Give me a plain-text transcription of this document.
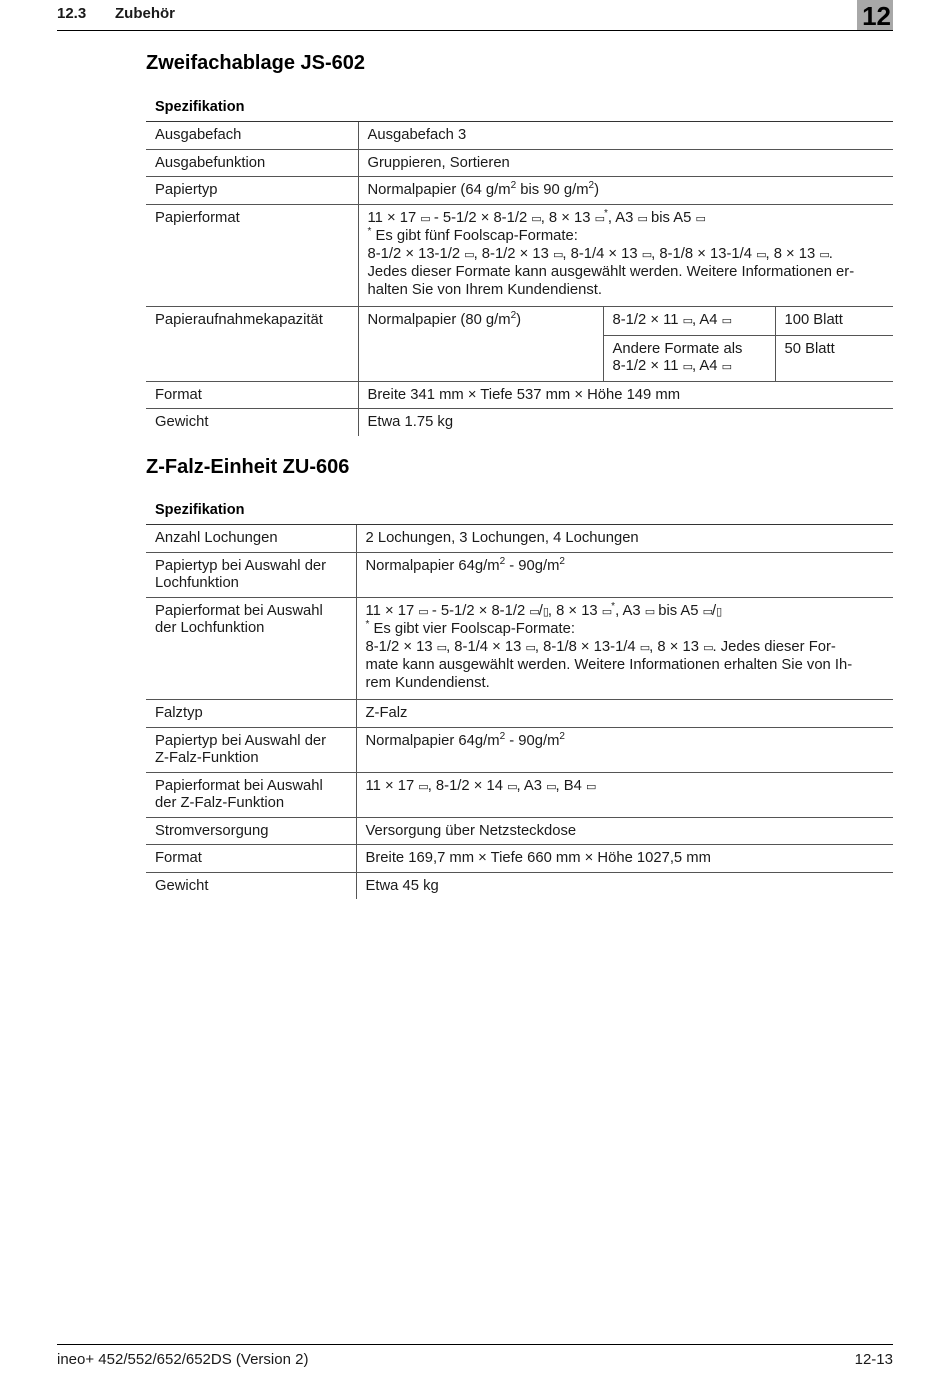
12.3 Zubehör	12
Zweifachablage JS-602
Spezifikation
Ausgabefach	Ausgabefach 3		
Ausgabefunktion	Gruppieren, Sortieren		
Papiertyp	Normalpapier (64 $g/m^2$ bis 90 $g/m^2$)		
Papierformat	11 × 17 ▭ - 5-1/2 × 8-1/2 ▭, 8 × 13 ▭*, A3 ▭ bis A5 ▭
* Es gibt fünf Foolscap-Formate:
8-1/2 × 13-1/2 ▭, 8-1/2 × 13 ▭, 8-1/4 × 13 ▭, 8-1/8 × 13-1/4 ▭, 8 × 13 ▭.
Jedes dieser Formate kann ausgewählt werden. Weitere Informationen er-
halten Sie von Ihrem Kundendienst.		

Papieraufnahmekapazität	Normalpapier (80 $g/m^2$)	8-1/2 × 11 ▭, A4 ▭	100 Blatt

		Andere Formate als
8-1/2 × 11 ▭, A4 ▭	50 Blatt
Format	Breite 341 mm × Tiefe 537 mm × Höhe 149 mm		
Gewicht	Etwa 1.75 kg		
Z-Falz-Einheit ZU-606
Spezifikation
Anzahl Lochungen	2 Lochungen, 3 Lochungen, 4 Lochungen

Papiertyp bei Auswahl der
Lochfunktion	Normalpapier $64g/m^2 - 90g/m^2$

Papierformat bei Auswahl
der Lochfunktion	11 × 17 ▭ - 5-1/2 × 8-1/2 ▭/▯, 8 × 13 ▭*, A3 ▭ bis A5 ▭/▯
* Es gibt vier Foolscap-Formate:
8-1/2 × 13 ▭, 8-1/4 × 13 ▭, 8-1/8 × 13-1/4 ▭, 8 × 13 ▭. Jedes dieser For-
mate kann ausgewählt werden. Weitere Informationen erhalten Sie von Ih-
rem Kundendienst.

Falztyp	Z-Falz

Papiertyp bei Auswahl der
Z-Falz-Funktion	Normalpapier $64g/m^2 - 90g/m^2$

Papierformat bei Auswahl
der Z-Falz-Funktion	11 × 17 ▭, 8-1/2 × 14 ▭, A3 ▭, B4 ▭
Stromversorgung	Versorgung über Netzsteckdose
Format	Breite 169,7 mm × Tiefe 660 mm × Höhe 1027,5 mm
Gewicht	Etwa 45 kg
ineo+ 452/552/652/652DS (Version 2)	12-13
